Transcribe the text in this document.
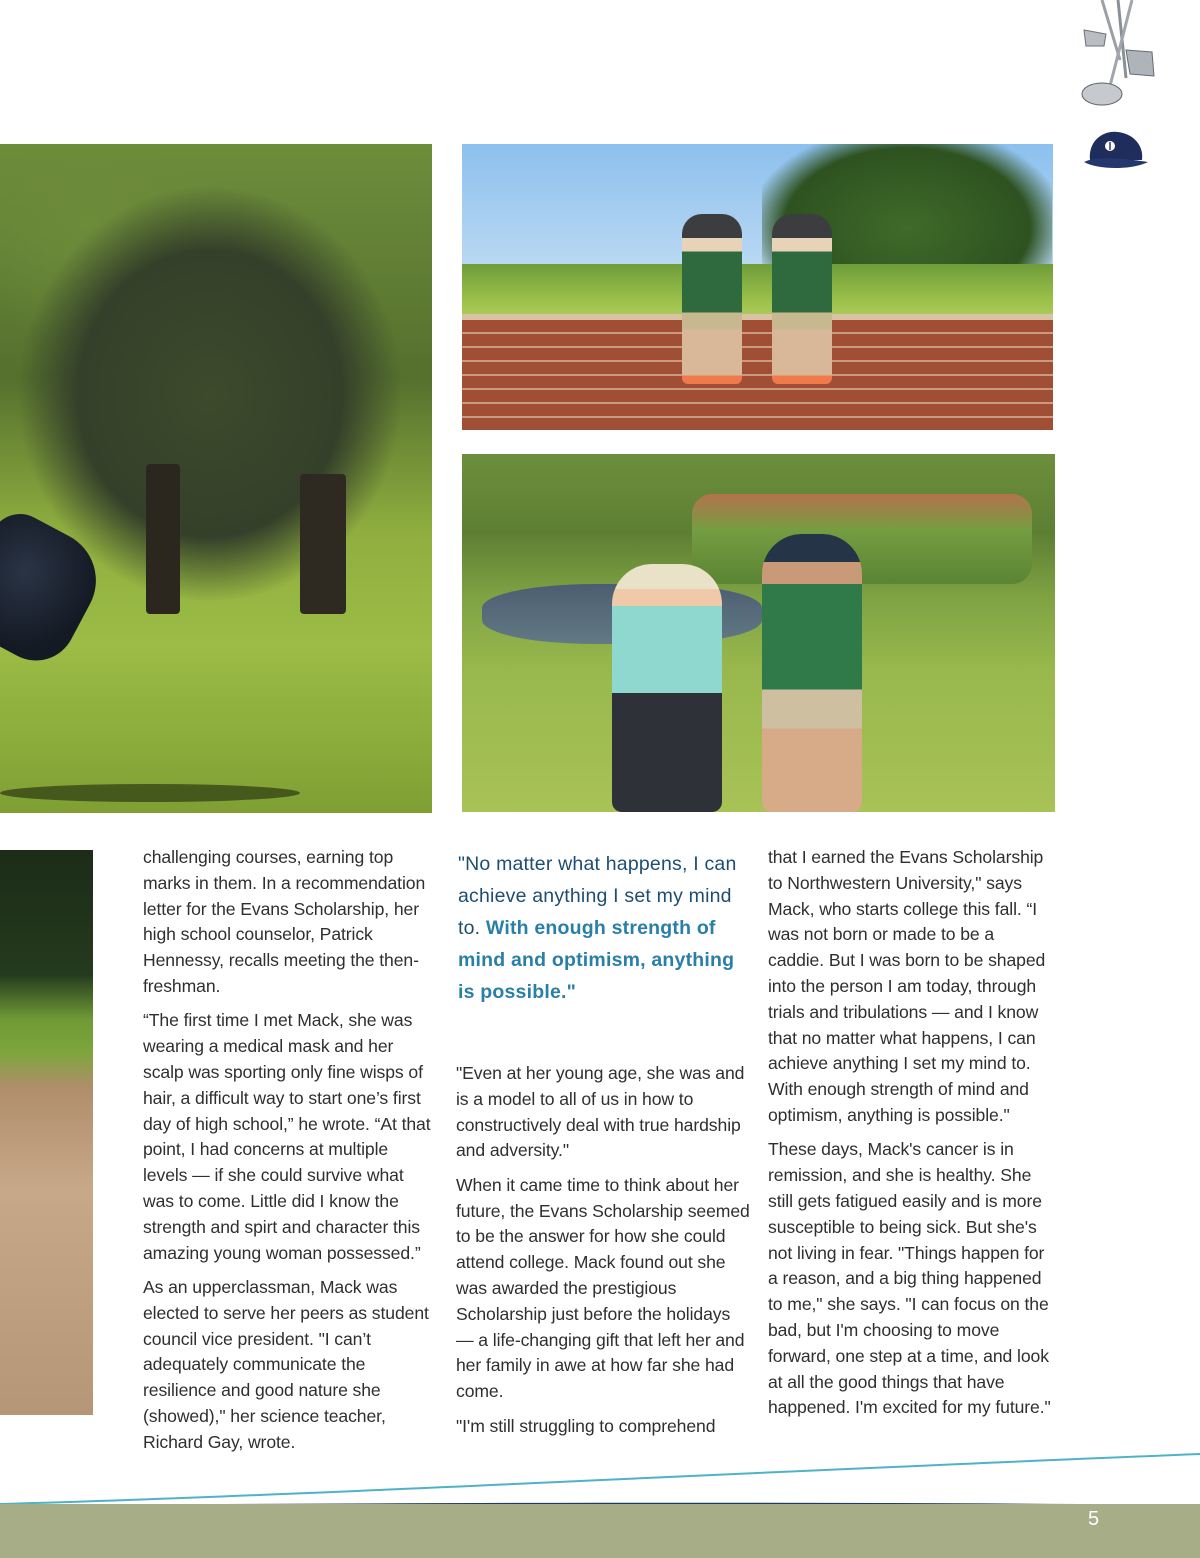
challenging courses, earning top marks in them. In a recommendation letter for the Evans Scholarship, her high school counselor, Patrick Hennessy, recalls meeting the then-freshman.

“The first time I met Mack, she was wearing a medical mask and her scalp was sporting only fine wisps of hair, a difficult way to start one’s first day of high school,” he wrote. “At that point, I had concerns at multiple levels — if she could survive what was to come. Little did I know the strength and spirt and character this amazing young woman possessed.”

As an upperclassman, Mack was elected to serve her peers as student council vice president. "I can’t adequately communicate the resilience and good nature she (showed)," her science teacher, Richard Gay, wrote.

"No matter what happens, I can achieve anything I set my mind to. With enough strength of mind and optimism, anything is possible."

"Even at her young age, she was and is a model to all of us in how to constructively deal with true hardship and adversity."

When it came time to think about her future, the Evans Scholarship seemed to be the answer for how she could attend college. Mack found out she was awarded the prestigious Scholarship just before the holidays — a life-changing gift that left her and her family in awe at how far she had come.

"I'm still struggling to comprehend

that I earned the Evans Scholarship to Northwestern University," says Mack, who starts college this fall. “I was not born or made to be a caddie. But I was born to be shaped into the person I am today, through trials and tribulations — and I know that no matter what happens, I can achieve anything I set my mind to. With enough strength of mind and optimism, anything is possible."

These days, Mack's cancer is in remission, and she is healthy. She still gets fatigued easily and is more susceptible to being sick. But she's not living in fear. "Things happen for a reason, and a big thing happened to me," she says. "I can focus on the bad, but I'm choosing to move forward, one step at a time, and look at all the good things that have happened. I'm excited for my future."

5
